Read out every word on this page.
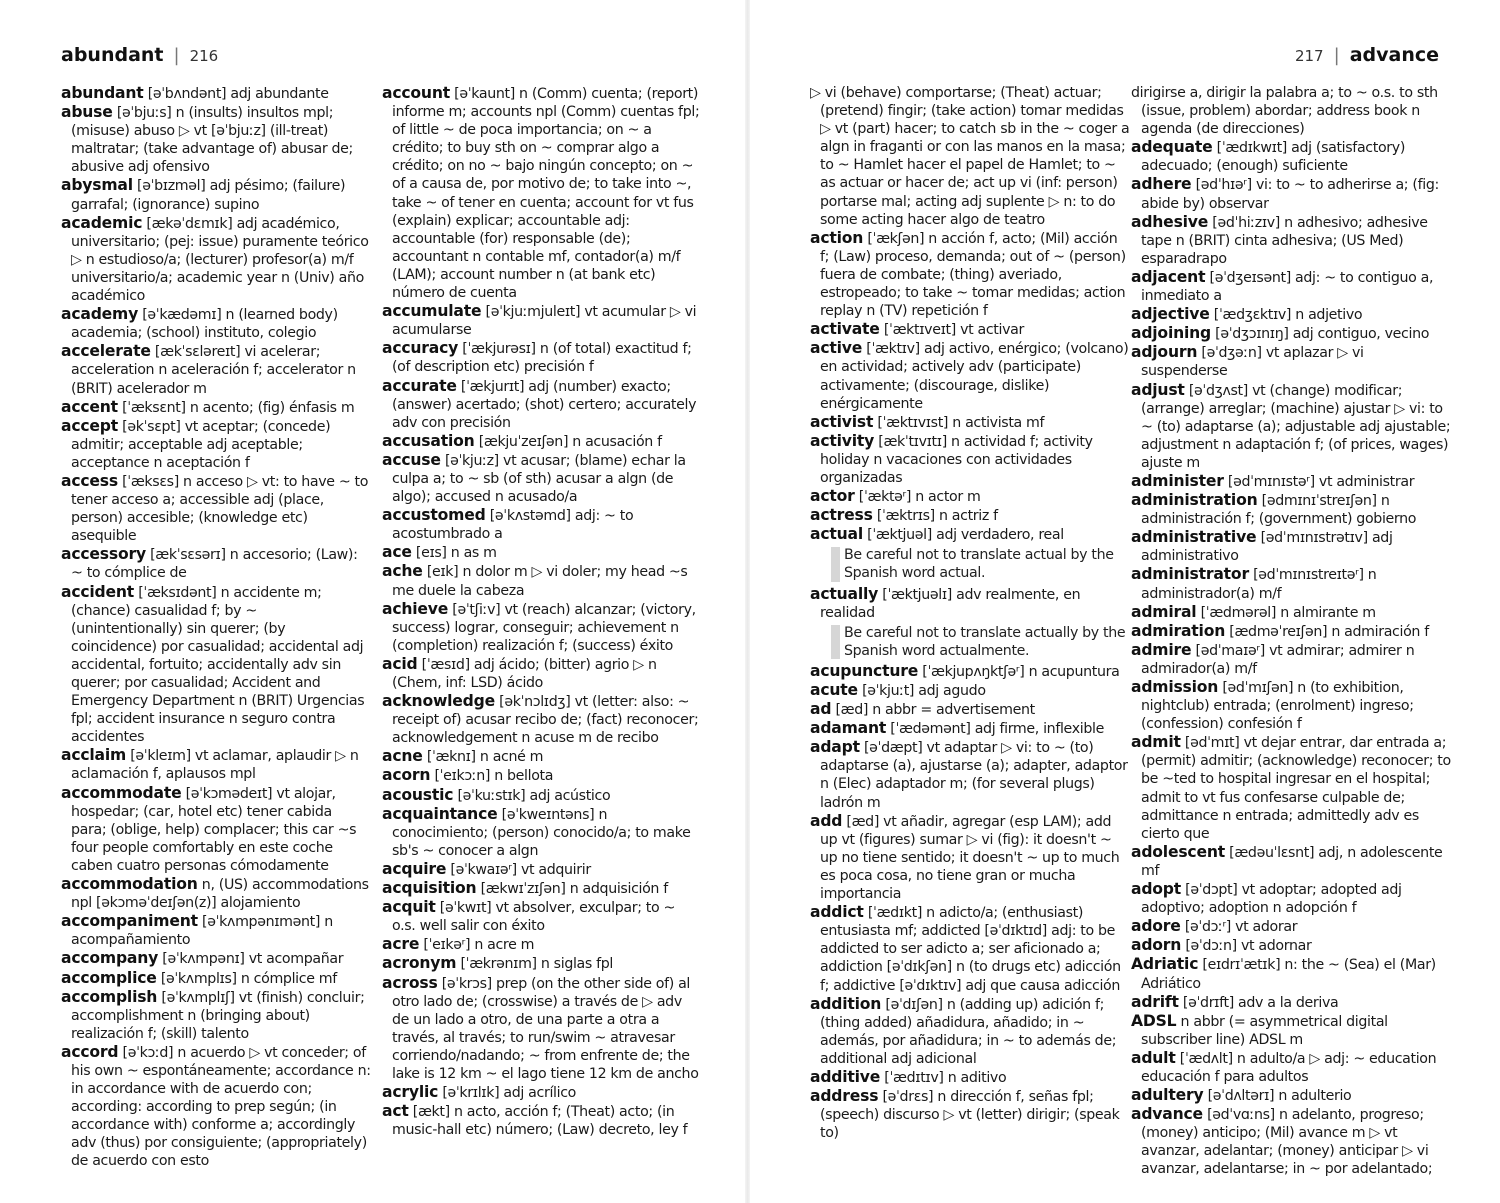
abundant | 216

abundant [əˈbʌndənt] adj abundante

abuse [əˈbjuːs] n (insults) insultos mpl; (misuse) abuso ▷ vt [əˈbjuːz] (ill-treat) maltratar; (take advantage of) abusar de; abusive adj ofensivo

abysmal [əˈbɪzməl] adj pésimo; (failure) garrafal; (ignorance) supino

academic [ækəˈdɛmɪk] adj académico, universitario; (pej: issue) puramente teórico ▷ n estudioso/a; (lecturer) profesor(a) m/f universitario/a; academic year n (Univ) año académico

academy [əˈkædəmɪ] n (learned body) academia; (school) instituto, colegio

accelerate [ækˈsɛləreɪt] vi acelerar; acceleration n aceleración f; accelerator n (BRIT) acelerador m

accent [ˈæksɛnt] n acento; (fig) énfasis m

accept [əkˈsɛpt] vt aceptar; (concede) admitir; acceptable adj aceptable; acceptance n aceptación f

access [ˈæksɛs] n acceso ▷ vt: to have ~ to tener acceso a; accessible adj (place, person) accesible; (knowledge etc) asequible

accessory [ækˈsɛsərɪ] n accesorio; (Law): ~ to cómplice de

accident [ˈæksɪdənt] n accidente m; (chance) casualidad f; by ~ (unintentionally) sin querer; (by coincidence) por casualidad; accidental adj accidental, fortuito; accidentally adv sin querer; por casualidad; Accident and Emergency Department n (BRIT) Urgencias fpl; accident insurance n seguro contra accidentes

acclaim [əˈkleɪm] vt aclamar, aplaudir ▷ n aclamación f, aplausos mpl

accommodate [əˈkɔmədeɪt] vt alojar, hospedar; (car, hotel etc) tener cabida para; (oblige, help) complacer; this car ~s four people comfortably en este coche caben cuatro personas cómodamente

accommodation n, (US) accommodations npl [əkɔməˈdeɪʃən(z)] alojamiento

accompaniment [əˈkʌmpənɪmənt] n acompañamiento

accompany [əˈkʌmpənɪ] vt acompañar

accomplice [əˈkʌmplɪs] n cómplice mf

accomplish [əˈkʌmplɪʃ] vt (finish) concluir; accomplishment n (bringing about) realización f; (skill) talento

accord [əˈkɔːd] n acuerdo ▷ vt conceder; of his own ~ espontáneamente; accordance n: in accordance with de acuerdo con; according: according to prep según; (in accordance with) conforme a; accordingly adv (thus) por consiguiente; (appropriately) de acuerdo con esto

account [əˈkaunt] n (Comm) cuenta; (report) informe m; accounts npl (Comm) cuentas fpl; of little ~ de poca importancia; on ~ a crédito; to buy sth on ~ comprar algo a crédito; on no ~ bajo ningún concepto; on ~ of a causa de, por motivo de; to take into ~, take ~ of tener en cuenta; account for vt fus (explain) explicar; accountable adj: accountable (for) responsable (de); accountant n contable mf, contador(a) m/f (LAM); account number n (at bank etc) número de cuenta

accumulate [əˈkjuːmjuleɪt] vt acumular ▷ vi acumularse

accuracy [ˈækjurəsɪ] n (of total) exactitud f; (of description etc) precisión f

accurate [ˈækjurɪt] adj (number) exacto; (answer) acertado; (shot) certero; accurately adv con precisión

accusation [ækjuˈzeɪʃən] n acusación f

accuse [əˈkjuːz] vt acusar; (blame) echar la culpa a; to ~ sb (of sth) acusar a algn (de algo); accused n acusado/a

accustomed [əˈkʌstəmd] adj: ~ to acostumbrado a

ace [eɪs] n as m

ache [eɪk] n dolor m ▷ vi doler; my head ~s me duele la cabeza

achieve [əˈtʃiːv] vt (reach) alcanzar; (victory, success) lograr, conseguir; achievement n (completion) realización f; (success) éxito

acid [ˈæsɪd] adj ácido; (bitter) agrio ▷ n (Chem, inf: LSD) ácido

acknowledge [əkˈnɔlɪdʒ] vt (letter: also: ~ receipt of) acusar recibo de; (fact) reconocer; acknowledgement n acuse m de recibo

acne [ˈæknɪ] n acné m

acorn [ˈeɪkɔːn] n bellota

acoustic [əˈkuːstɪk] adj acústico

acquaintance [əˈkweɪntəns] n conocimiento; (person) conocido/a; to make sb's ~ conocer a algn

acquire [əˈkwaɪəʳ] vt adquirir

acquisition [ækwɪˈzɪʃən] n adquisición f

acquit [əˈkwɪt] vt absolver, exculpar; to ~ o.s. well salir con éxito

acre [ˈeɪkəʳ] n acre m

acronym [ˈækrənɪm] n siglas fpl

across [əˈkrɔs] prep (on the other side of) al otro lado de; (crosswise) a través de ▷ adv de un lado a otro, de una parte a otra a través, al través; to run/swim ~ atravesar corriendo/nadando; ~ from enfrente de; the lake is 12 km ~ el lago tiene 12 km de ancho

acrylic [əˈkrɪlɪk] adj acrílico

act [ækt] n acto, acción f; (Theat) acto; (in music-hall etc) número; (Law) decreto, ley f

217 | advance

▷ vi (behave) comportarse; (Theat) actuar; (pretend) fingir; (take action) tomar medidas ▷ vt (part) hacer; to catch sb in the ~ coger a algn in fraganti or con las manos en la masa; to ~ Hamlet hacer el papel de Hamlet; to ~ as actuar or hacer de; act up vi (inf: person) portarse mal; acting adj suplente ▷ n: to do some acting hacer algo de teatro

action [ˈækʃən] n acción f, acto; (Mil) acción f; (Law) proceso, demanda; out of ~ (person) fuera de combate; (thing) averiado, estropeado; to take ~ tomar medidas; action replay n (TV) repetición f

activate [ˈæktɪveɪt] vt activar

active [ˈæktɪv] adj activo, enérgico; (volcano) en actividad; actively adv (participate) activamente; (discourage, dislike) enérgicamente

activist [ˈæktɪvɪst] n activista mf

activity [ækˈtɪvɪtɪ] n actividad f; activity holiday n vacaciones con actividades organizadas

actor [ˈæktəʳ] n actor m

actress [ˈæktrɪs] n actriz f

actual [ˈæktjuəl] adj verdadero, real

Be careful not to translate actual by the Spanish word actual.

actually [ˈæktjuəlɪ] adv realmente, en realidad

Be careful not to translate actually by the Spanish word actualmente.

acupuncture [ˈækjupʌŋktʃəʳ] n acupuntura

acute [əˈkjuːt] adj agudo

ad [æd] n abbr = advertisement

adamant [ˈædəmənt] adj firme, inflexible

adapt [əˈdæpt] vt adaptar ▷ vi: to ~ (to) adaptarse (a), ajustarse (a); adapter, adaptor n (Elec) adaptador m; (for several plugs) ladrón m

add [æd] vt añadir, agregar (esp LAM); add up vt (figures) sumar ▷ vi (fig): it doesn't ~ up no tiene sentido; it doesn't ~ up to much es poca cosa, no tiene gran or mucha importancia

addict [ˈædɪkt] n adicto/a; (enthusiast) entusiasta mf; addicted [əˈdɪktɪd] adj: to be addicted to ser adicto a; ser aficionado a; addiction [əˈdɪkʃən] n (to drugs etc) adicción f; addictive [əˈdɪktɪv] adj que causa adicción

addition [əˈdɪʃən] n (adding up) adición f; (thing added) añadidura, añadido; in ~ además, por añadidura; in ~ to además de; additional adj adicional

additive [ˈædɪtɪv] n aditivo

address [əˈdrɛs] n dirección f, señas fpl; (speech) discurso ▷ vt (letter) dirigir; (speak to)

dirigirse a, dirigir la palabra a; to ~ o.s. to sth (issue, problem) abordar; address book n agenda (de direcciones)

adequate [ˈædɪkwɪt] adj (satisfactory) adecuado; (enough) suficiente

adhere [ədˈhɪəʳ] vi: to ~ to adherirse a; (fig: abide by) observar

adhesive [ədˈhiːzɪv] n adhesivo; adhesive tape n (BRIT) cinta adhesiva; (US Med) esparadrapo

adjacent [əˈdʒeɪsənt] adj: ~ to contiguo a, inmediato a

adjective [ˈædʒɛktɪv] n adjetivo

adjoining [əˈdʒɔɪnɪŋ] adj contiguo, vecino

adjourn [əˈdʒəːn] vt aplazar ▷ vi suspenderse

adjust [əˈdʒʌst] vt (change) modificar; (arrange) arreglar; (machine) ajustar ▷ vi: to ~ (to) adaptarse (a); adjustable adj ajustable; adjustment n adaptación f; (of prices, wages) ajuste m

administer [ədˈmɪnɪstəʳ] vt administrar

administration [ədmɪnɪˈstreɪʃən] n administración f; (government) gobierno

administrative [ədˈmɪnɪstrətɪv] adj administrativo

administrator [ədˈmɪnɪstreɪtəʳ] n administrador(a) m/f

admiral [ˈædmərəl] n almirante m

admiration [ædməˈreɪʃən] n admiración f

admire [ədˈmaɪəʳ] vt admirar; admirer n admirador(a) m/f

admission [ədˈmɪʃən] n (to exhibition, nightclub) entrada; (enrolment) ingreso; (confession) confesión f

admit [ədˈmɪt] vt dejar entrar, dar entrada a; (permit) admitir; (acknowledge) reconocer; to be ~ted to hospital ingresar en el hospital; admit to vt fus confesarse culpable de; admittance n entrada; admittedly adv es cierto que

adolescent [ædəuˈlɛsnt] adj, n adolescente mf

adopt [əˈdɔpt] vt adoptar; adopted adj adoptivo; adoption n adopción f

adore [əˈdɔːʳ] vt adorar

adorn [əˈdɔːn] vt adornar

Adriatic [eɪdrɪˈætɪk] n: the ~ (Sea) el (Mar) Adriático

adrift [əˈdrɪft] adv a la deriva

ADSL n abbr (= asymmetrical digital subscriber line) ADSL m

adult [ˈædʌlt] n adulto/a ▷ adj: ~ education educación f para adultos

adultery [əˈdʌltərɪ] n adulterio

advance [ədˈvɑːns] n adelanto, progreso; (money) anticipo; (Mil) avance m ▷ vt avanzar, adelantar; (money) anticipar ▷ vi avanzar, adelantarse; in ~ por adelantado;
